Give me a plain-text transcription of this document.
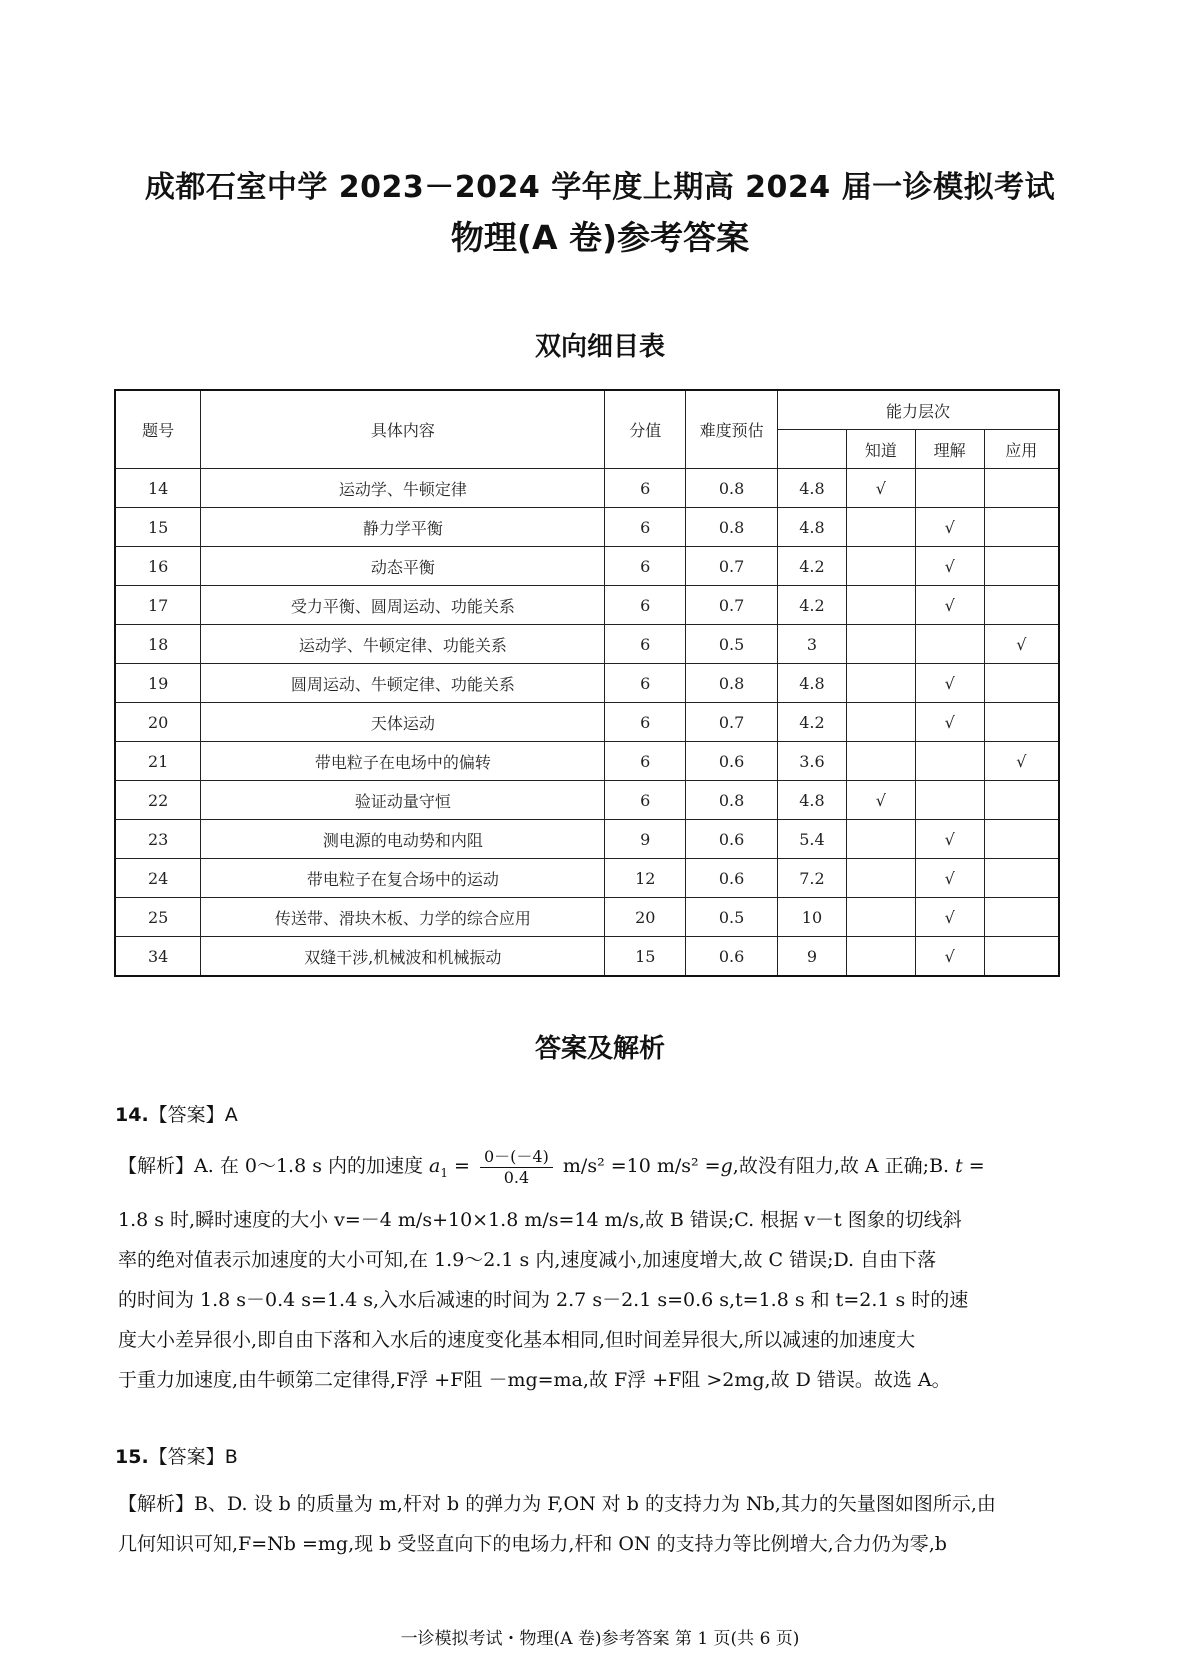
成都石室中学 2023－2024 学年度上期高 2024 届一诊模拟考试
物理(A 卷)参考答案
双向细目表
题号	具体内容	分值	难度预估	能力层次			
					知道	理解	应用
14	运动学、牛顿定律	6	0.8	4.8	√		
15	静力学平衡	6	0.8	4.8		√	
16	动态平衡	6	0.7	4.2		√	
17	受力平衡、圆周运动、功能关系	6	0.7	4.2		√	
18	运动学、牛顿定律、功能关系	6	0.5	3			√
19	圆周运动、牛顿定律、功能关系	6	0.8	4.8		√	
20	天体运动	6	0.7	4.2		√	
21	带电粒子在电场中的偏转	6	0.6	3.6			√
22	验证动量守恒	6	0.8	4.8	√		
23	测电源的电动势和内阻	9	0.6	5.4		√	
24	带电粒子在复合场中的运动	12	0.6	7.2		√	
25	传送带、滑块木板、力学的综合应用	20	0.5	10		√	
34	双缝干涉,机械波和机械振动	15	0.6	9		√	
答案及解析
14.【答案】A
【解析】A. 在 0～1.8 s 内的加速度 $a_1 = \frac{0-(-4)}{0.4} m/s^2 =10$ m/s² =g,故没有阻力,故 A 正确;B. t =
1.8 s 时,瞬时速度的大小 v=－4 m/s+10×1.8 m/s=14 m/s,故 B 错误;C. 根据 v－t 图象的切线斜
率的绝对值表示加速度的大小可知,在 1.9～2.1 s 内,速度减小,加速度增大,故 C 错误;D. 自由下落
的时间为 1.8 s－0.4 s=1.4 s,入水后减速的时间为 2.7 s－2.1 s=0.6 s,t=1.8 s 和 t=2.1 s 时的速
度大小差异很小,即自由下落和入水后的速度变化基本相同,但时间差异很大,所以减速的加速度大
于重力加速度,由牛顿第二定律得,F浮 +F阻 －mg=ma,故 F浮 +F阻 >2mg,故 D 错误。故选 A。
15.【答案】B
【解析】B、D. 设 b 的质量为 m,杆对 b 的弹力为 F,ON 对 b 的支持力为 Nb,其力的矢量图如图所示,由
几何知识可知,F=Nb =mg,现 b 受竖直向下的电场力,杆和 ON 的支持力等比例增大,合力仍为零,b
一诊模拟考试・物理(A 卷)参考答案 第 1 页(共 6 页)
